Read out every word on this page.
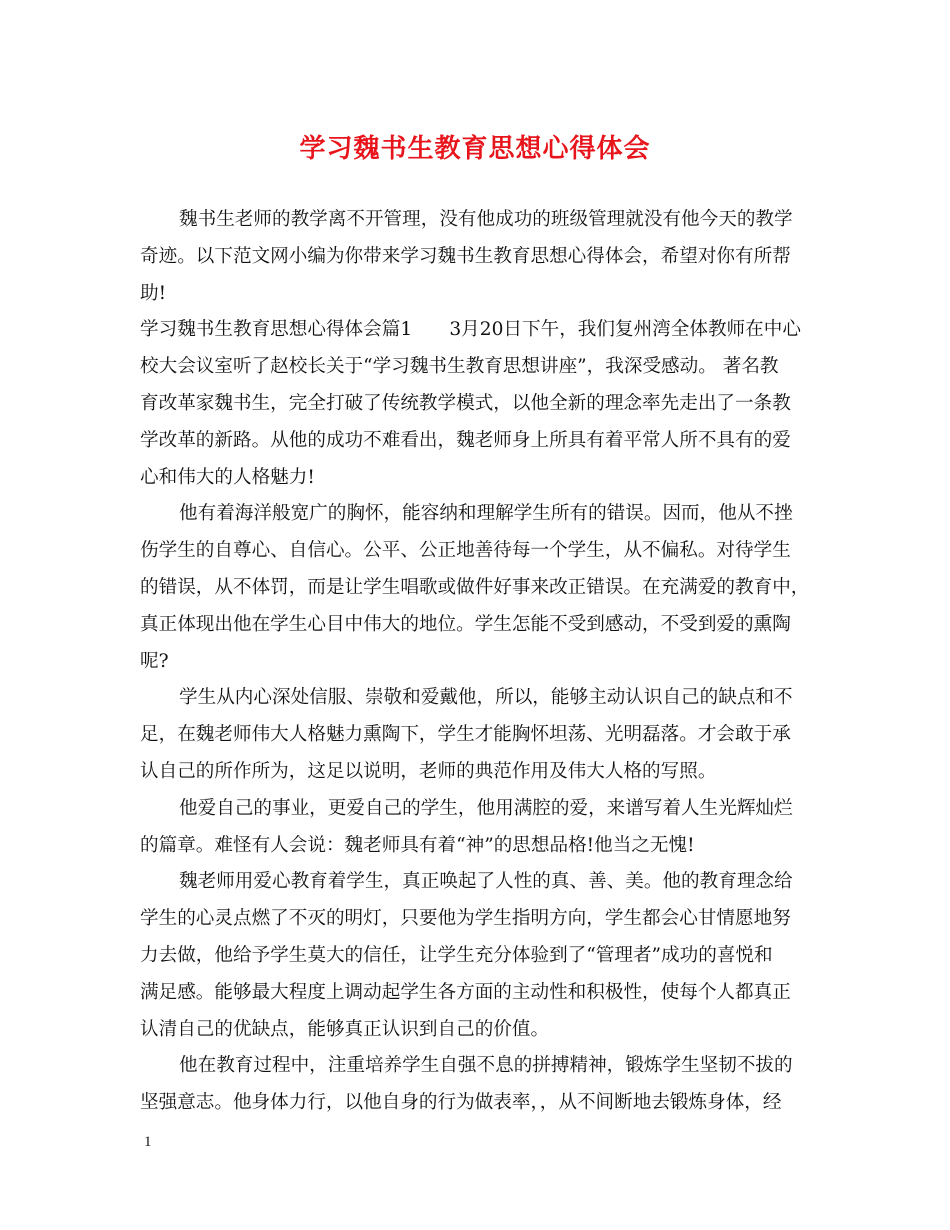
学习魏书生教育思想心得体会
魏书生老师的教学离不开管理，没有他成功的班级管理就没有他今天的教学
奇迹。以下范文网小编为你带来学习魏书生教育思想心得体会，希望对你有所帮
助!
学习魏书生教育思想心得体会篇1　　3月20日下午，我们复州湾全体教师在中心
校大会议室听了赵校长关于“学习魏书生教育思想讲座”，我深受感动。 著名教
育改革家魏书生，完全打破了传统教学模式，以他全新的理念率先走出了一条教
学改革的新路。从他的成功不难看出，魏老师身上所具有着平常人所不具有的爱
心和伟大的人格魅力!
他有着海洋般宽广的胸怀，能容纳和理解学生所有的错误。因而，他从不挫
伤学生的自尊心、自信心。公平、公正地善待每一个学生，从不偏私。对待学生
的错误，从不体罚，而是让学生唱歌或做件好事来改正错误。在充满爱的教育中，
真正体现出他在学生心目中伟大的地位。学生怎能不受到感动，不受到爱的熏陶
呢?
学生从内心深处信服、崇敬和爱戴他，所以，能够主动认识自己的缺点和不
足，在魏老师伟大人格魅力熏陶下，学生才能胸怀坦荡、光明磊落。才会敢于承
认自己的所作所为，这足以说明，老师的典范作用及伟大人格的写照。
他爱自己的事业，更爱自己的学生，他用满腔的爱，来谱写着人生光辉灿烂
的篇章。难怪有人会说：魏老师具有着“神”的思想品格!他当之无愧!
魏老师用爱心教育着学生，真正唤起了人性的真、善、美。他的教育理念给
学生的心灵点燃了不灭的明灯，只要他为学生指明方向，学生都会心甘情愿地努
力去做，他给予学生莫大的信任，让学生充分体验到了“管理者”成功的喜悦和
满足感。能够最大程度上调动起学生各方面的主动性和积极性，使每个人都真正
认清自己的优缺点，能够真正认识到自己的价值。
他在教育过程中，注重培养学生自强不息的拼搏精神，锻炼学生坚韧不拔的
坚强意志。他身体力行，以他自身的行为做表率，，从不间断地去锻炼身体，经
1
